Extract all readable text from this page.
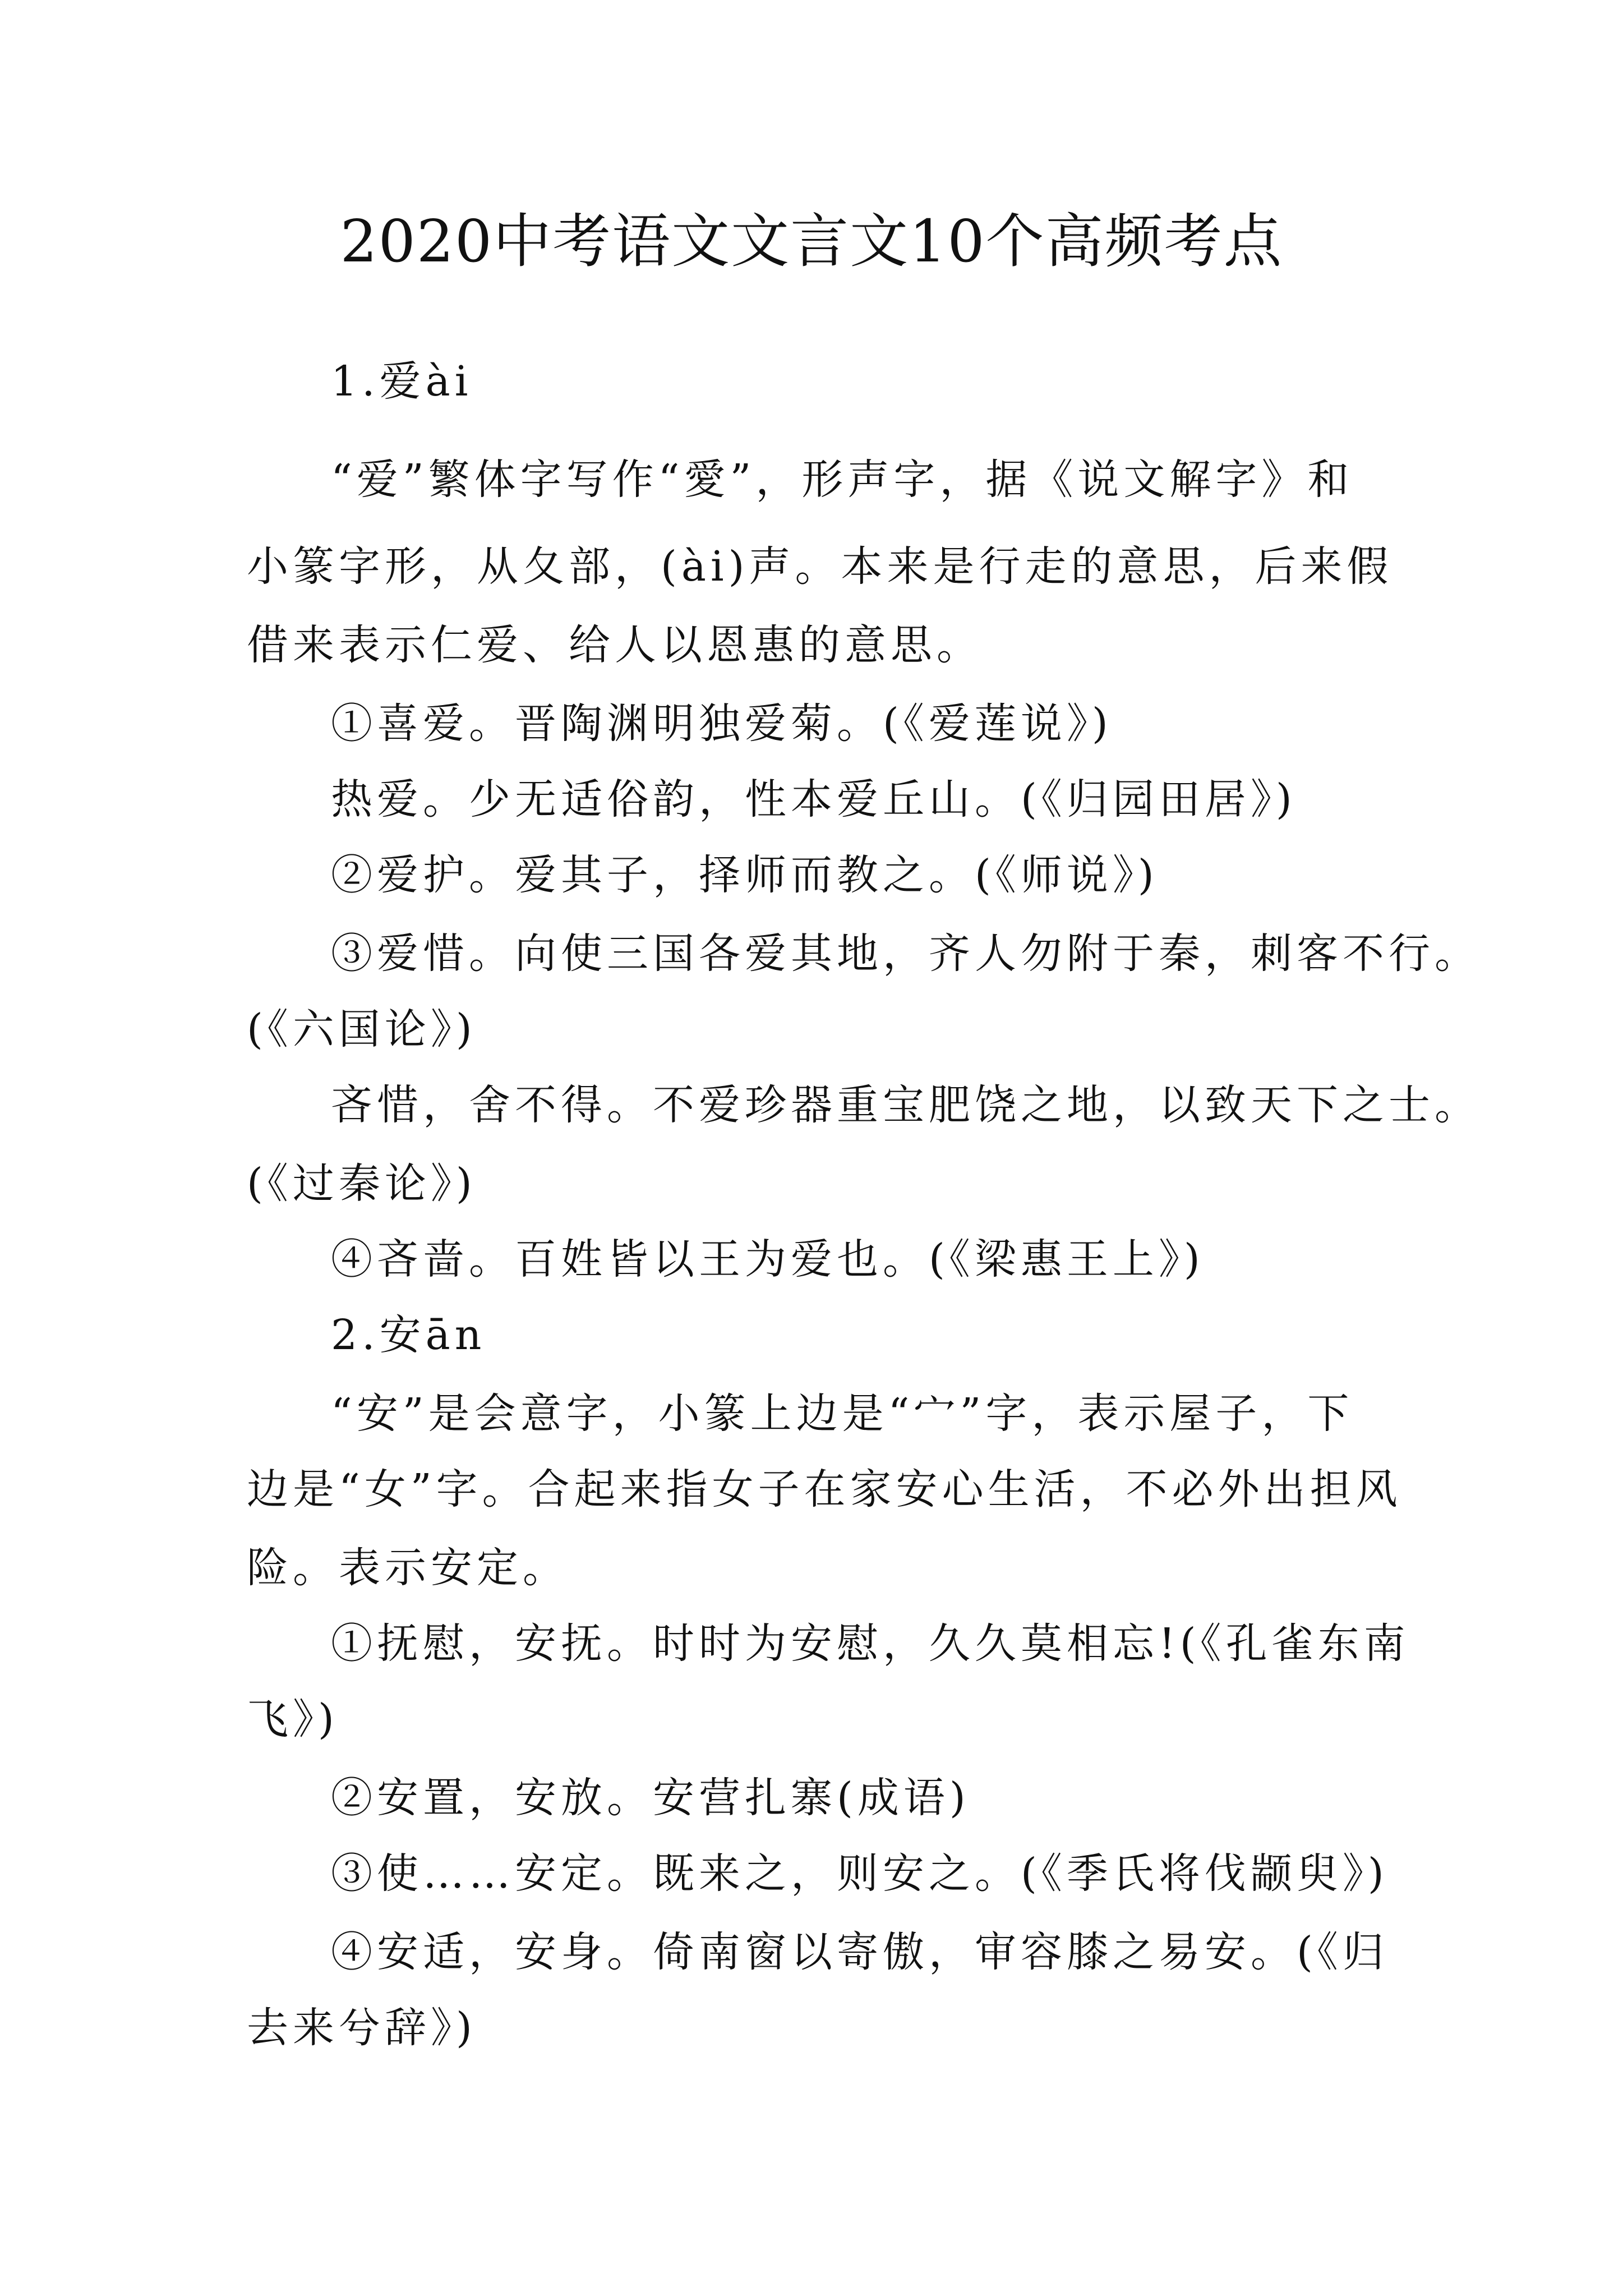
2020中考语文文言文10个高频考点
1.爱ài
“爱”繁体字写作“愛”，形声字，据《说文解字》和
小篆字形，从夂部，(ài)声。本来是行走的意思，后来假
借来表示仁爱、给人以恩惠的意思。
①喜爱。晋陶渊明独爱菊。(《爱莲说》)
热爱。少无适俗韵，性本爱丘山。(《归园田居》)
②爱护。爱其子，择师而教之。(《师说》)
③爱惜。向使三国各爱其地，齐人勿附于秦，刺客不行。
(《六国论》)
吝惜，舍不得。不爱珍器重宝肥饶之地，以致天下之士。
(《过秦论》)
④吝啬。百姓皆以王为爱也。(《梁惠王上》)
2.安ān
“安”是会意字，小篆上边是“宀”字，表示屋子，下
边是“女”字。合起来指女子在家安心生活，不必外出担风
险。表示安定。
①抚慰，安抚。时时为安慰，久久莫相忘!(《孔雀东南
飞》)
②安置，安放。安营扎寨(成语)
③使……安定。既来之，则安之。(《季氏将伐颛臾》)
④安适，安身。倚南窗以寄傲，审容膝之易安。(《归
去来兮辞》)
